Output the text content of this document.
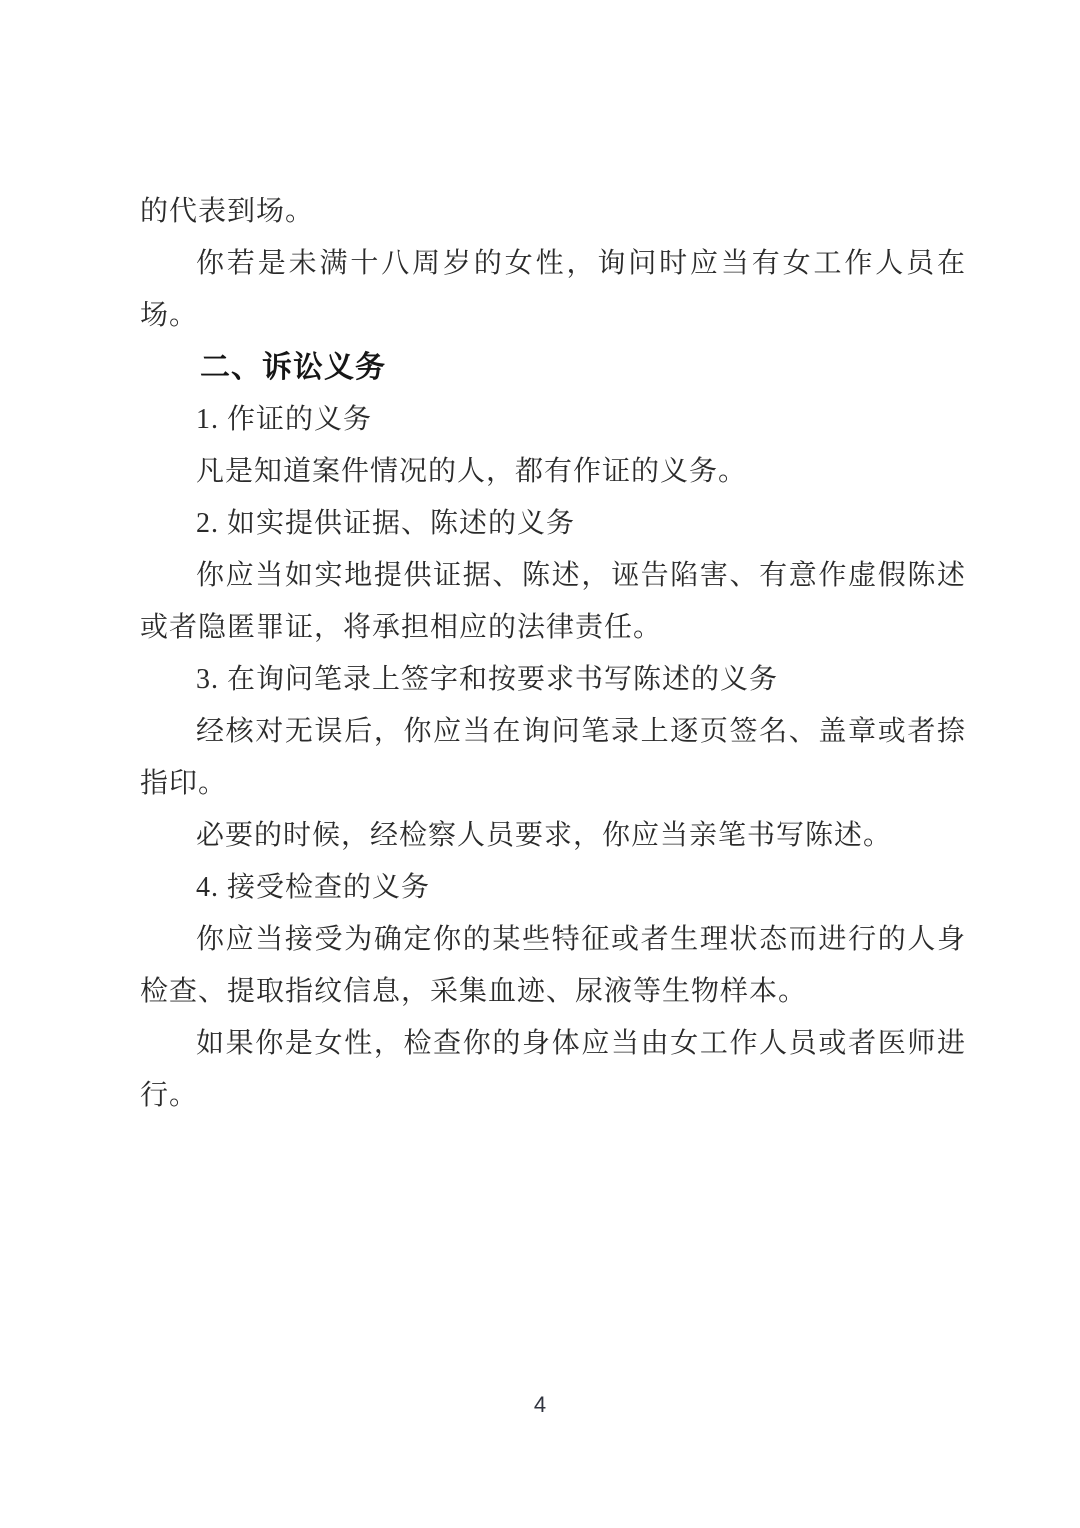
的代表到场。

你若是未满十八周岁的女性，询问时应当有女工作人员在场。

二、诉讼义务

1. 作证的义务

凡是知道案件情况的人，都有作证的义务。

2. 如实提供证据、陈述的义务

你应当如实地提供证据、陈述，诬告陷害、有意作虚假陈述或者隐匿罪证，将承担相应的法律责任。

3. 在询问笔录上签字和按要求书写陈述的义务

经核对无误后，你应当在询问笔录上逐页签名、盖章或者捺指印。

必要的时候，经检察人员要求，你应当亲笔书写陈述。

4. 接受检查的义务

你应当接受为确定你的某些特征或者生理状态而进行的人身检查、提取指纹信息，采集血迹、尿液等生物样本。

如果你是女性，检查你的身体应当由女工作人员或者医师进行。

4
